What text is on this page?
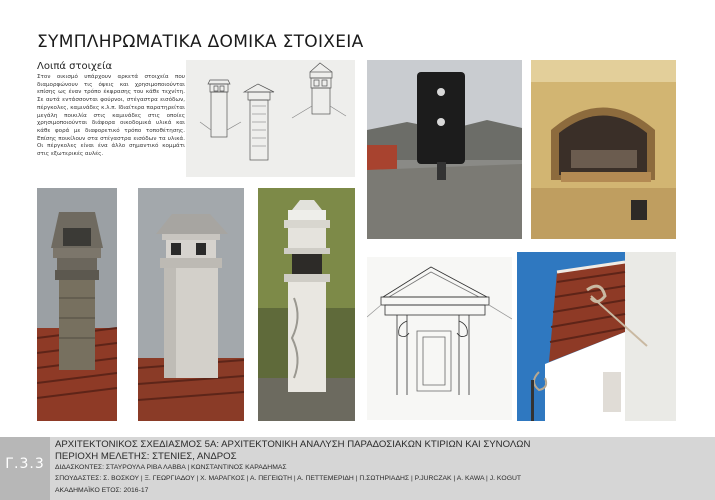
ΣΥΜΠΛΗΡΩΜΑΤΙΚΑ ΔΟΜΙΚΑ ΣΤΟΙΧΕΙΑ
Λοιπά στοιχεία
Στον οικισμό υπάρχουν αρκετά στοιχεία που διαμορφώνουν τις όψεις και χρησιμοποιούνται επίσης ως έναν τρόπο έκφρασης του κάθε τεχνίτη. Σε αυτά εντάσσονται φούρνοι, στέγαστρα εισόδων, πέργκολες, καμινάδες κ.λ.π. Ιδιαίτερα παρατηρείται μεγάλη ποικιλία στις καμινάδες στις οποίες χρησιμοποιούνται διάφορα οικοδομικά υλικά και κάθε φορά με διαφορετικό τρόπο τοποθέτησης. Επίσης ποικίλουν στα στέγαστρα εισόδων τα υλικά. Οι πέργκολες είναι ένα άλλο σημαντικό κομμάτι στις εξωτερικές αυλές.
Γ.3.3
ΑΡΧΙΤΕΚΤΟΝΙΚΟΣ ΣΧΕΔΙΑΣΜΟΣ 5Α: ΑΡΧΙΤΕΚΤΟΝΙΚΗ ΑΝΑΛΥΣΗ ΠΑΡΑΔΟΣΙΑΚΩΝ ΚΤΙΡΙΩΝ ΚΑΙ ΣΥΝΟΛΩΝ
ΠΕΡΙΟΧΗ ΜΕΛΕΤΗΣ: ΣΤΕΝΙΕΣ, ΑΝΔΡΟΣ
ΔΙΔΑΣΚΟΝΤΕΣ: ΣΤΑΥΡΟΥΛΑ ΡΙΒΑ ΛΑΒΒΑ | ΚΩΝΣΤΑΝΤΙΝΟΣ ΚΑΡΑΔΗΜΑΣ
ΣΠΟΥΔΑΣΤΕΣ: Σ. ΒΟΣΚΟΥ | Ξ. ΓΕΩΡΓΙΑΔΟΥ | Χ. ΜΑΡΑΓΚΟΣ | Α. ΠΕΓΕΙΩΤΗ | Α. ΠΕΤΤΕΜΕΡΙΔΗ | Π.ΣΩΤΗΡΙΑΔΗΣ | P.JURCZAK | A. KAWA | J. KOGUT
ΑΚΑΔΗΜΑΪΚΟ ΕΤΟΣ: 2016-17
